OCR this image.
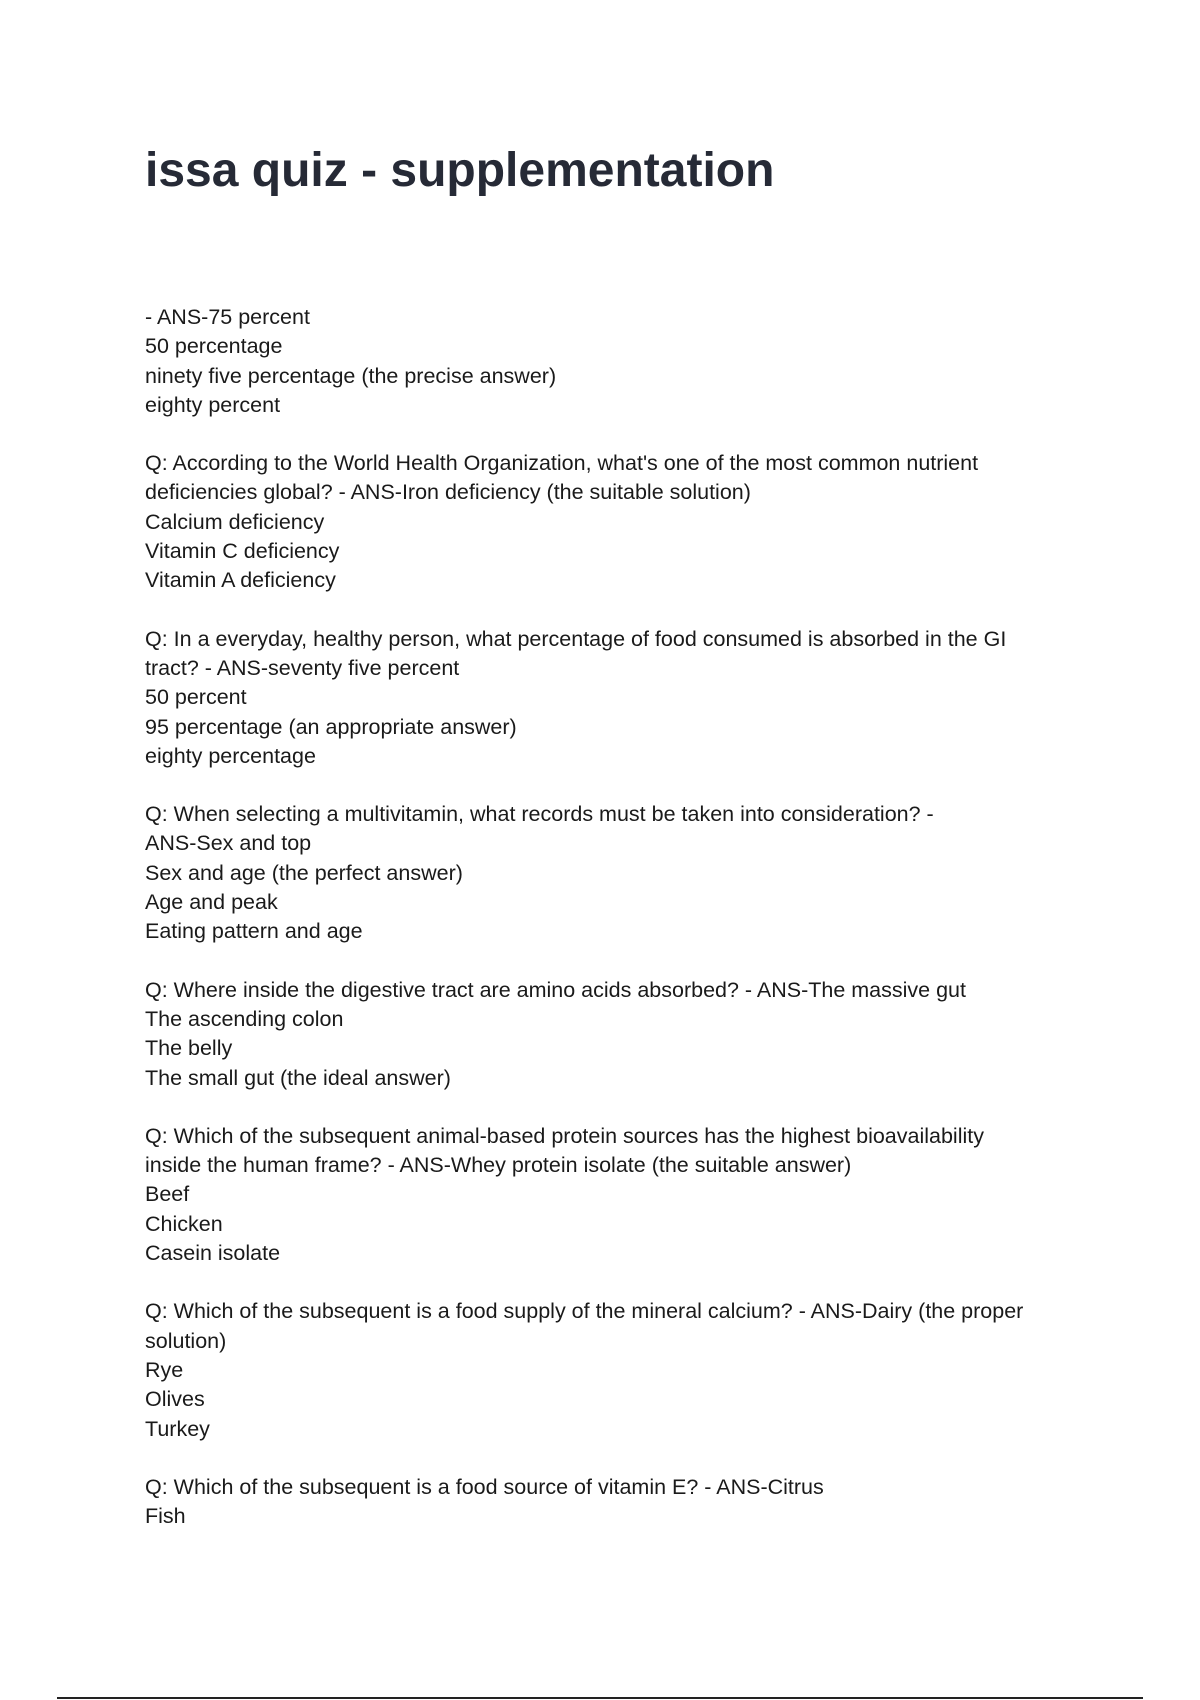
issa quiz - supplementation
- ANS-75 percent
50 percentage
ninety five percentage (the precise answer)
eighty percent
Q: According to the World Health Organization, what's one of the most common nutrient
deficiencies global? - ANS-Iron deficiency (the suitable solution)
Calcium deficiency
Vitamin C deficiency
Vitamin A deficiency
Q: In a everyday, healthy person, what percentage of food consumed is absorbed in the GI
tract? - ANS-seventy five percent
50 percent
95 percentage (an appropriate answer)
eighty percentage
Q: When selecting a multivitamin, what records must be taken into consideration? -
ANS-Sex and top
Sex and age (the perfect answer)
Age and peak
Eating pattern and age
Q: Where inside the digestive tract are amino acids absorbed? - ANS-The massive gut
The ascending colon
The belly
The small gut (the ideal answer)
Q: Which of the subsequent animal-based protein sources has the highest bioavailability
inside the human frame? - ANS-Whey protein isolate (the suitable answer)
Beef
Chicken
Casein isolate
Q: Which of the subsequent is a food supply of the mineral calcium? - ANS-Dairy (the proper
solution)
Rye
Olives
Turkey
Q: Which of the subsequent is a food source of vitamin E? - ANS-Citrus
Fish
